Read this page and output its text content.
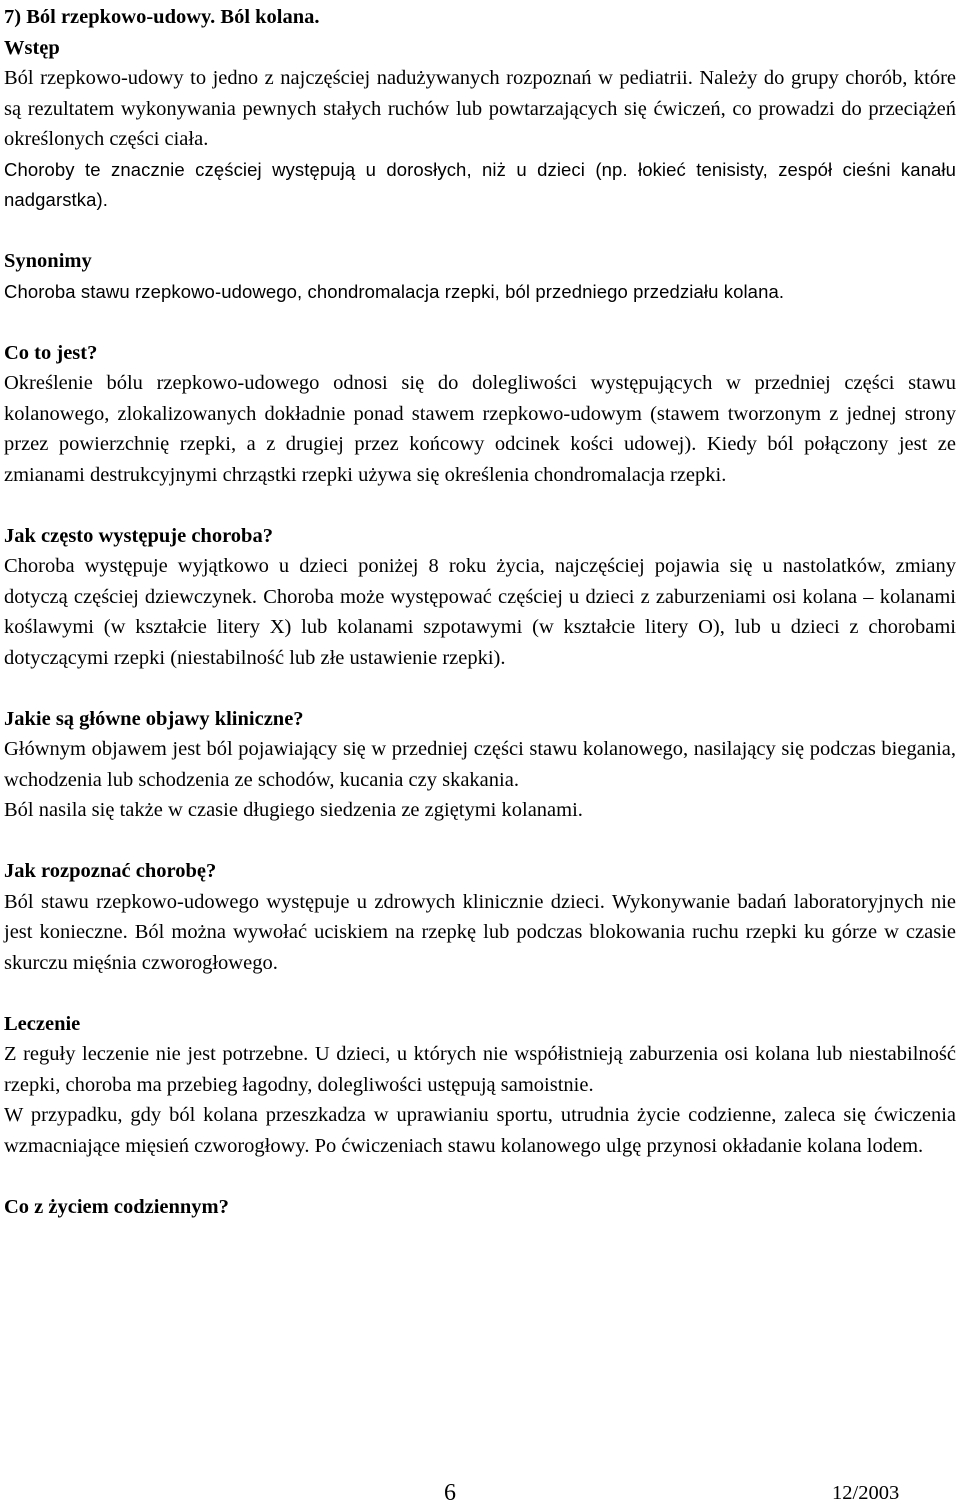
7) Ból rzepkowo-udowy. Ból kolana.
Wstęp

Ból rzepkowo-udowy to jedno z najczęściej nadużywanych rozpoznań w pediatrii. Należy do grupy chorób, które są rezultatem wykonywania pewnych stałych ruchów lub powtarzających się ćwiczeń, co prowadzi do przeciążeń określonych części ciała.

Choroby te znacznie częściej występują u dorosłych, niż u dzieci (np. łokieć tenisisty, zespół cieśni kanału nadgarstka).

Synonimy

Choroba stawu rzepkowo-udowego, chondromalacja rzepki, ból przedniego przedziału kolana.

Co to jest?

Określenie bólu rzepkowo-udowego odnosi się do dolegliwości występujących w przedniej części stawu kolanowego, zlokalizowanych dokładnie ponad stawem rzepkowo-udowym (stawem tworzonym z jednej strony przez powierzchnię rzepki, a z drugiej przez końcowy odcinek kości udowej). Kiedy ból połączony jest ze zmianami destrukcyjnymi chrząstki rzepki używa się określenia chondromalacja rzepki.

Jak często występuje choroba?

Choroba występuje wyjątkowo u dzieci poniżej 8 roku życia, najczęściej pojawia się u nastolatków, zmiany dotyczą częściej dziewczynek. Choroba może występować częściej u dzieci z zaburzeniami osi kolana – kolanami koślawymi (w kształcie litery X) lub kolanami szpotawymi (w kształcie litery O), lub u dzieci z chorobami dotyczącymi rzepki (niestabilność lub złe ustawienie rzepki).

Jakie są główne objawy kliniczne?

Głównym objawem jest ból pojawiający się w przedniej części stawu kolanowego, nasilający się podczas biegania, wchodzenia lub schodzenia ze schodów, kucania czy skakania.

Ból nasila się także w czasie długiego siedzenia ze zgiętymi kolanami.

Jak rozpoznać chorobę?

Ból stawu rzepkowo-udowego występuje u zdrowych klinicznie dzieci. Wykonywanie badań laboratoryjnych nie jest konieczne. Ból można wywołać uciskiem na rzepkę lub podczas blokowania ruchu rzepki ku górze w czasie skurczu mięśnia czworogłowego.

Leczenie

Z reguły leczenie nie jest potrzebne. U dzieci, u których nie współistnieją zaburzenia osi kolana lub niestabilność rzepki, choroba ma przebieg łagodny, dolegliwości ustępują samoistnie.

W przypadku, gdy ból kolana przeszkadza w uprawianiu sportu, utrudnia życie codzienne, zaleca się ćwiczenia wzmacniające mięsień czworogłowy. Po ćwiczeniach stawu kolanowego ulgę przynosi okładanie kolana lodem.

Co z życiem codziennym?
6	12/2003
